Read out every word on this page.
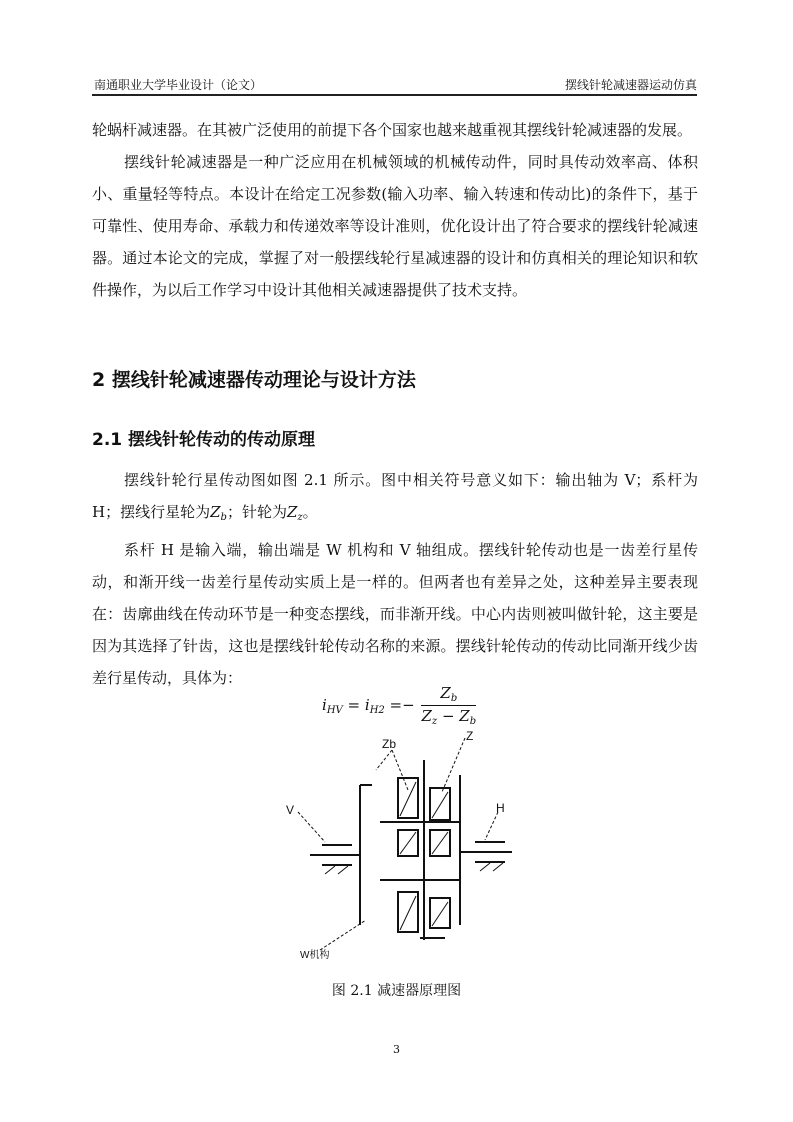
南通职业大学毕业设计（论文）	摆线针轮减速器运动仿真

轮蜗杆减速器。在其被广泛使用的前提下各个国家也越来越重视其摆线针轮减速器的发展。

摆线针轮减速器是一种广泛应用在机械领域的机械传动件，同时具传动效率高、体积小、重量轻等特点。本设计在给定工况参数(输入功率、输入转速和传动比)的条件下，基于可靠性、使用寿命、承载力和传递效率等设计准则，优化设计出了符合要求的摆线针轮减速器。通过本论文的完成，掌握了对一般摆线轮行星减速器的设计和仿真相关的理论知识和软件操作，为以后工作学习中设计其他相关减速器提供了技术支持。

2 摆线针轮减速器传动理论与设计方法
2.1 摆线针轮传动的传动原理

摆线针轮行星传动图如图 2.1 所示。图中相关符号意义如下：输出轴为 V；系杆为 H；摆线行星轮为$Z_b$；针轮为$Z_z$。

系杆 H 是输入端，输出端是 W 机构和 V 轴组成。摆线针轮传动也是一齿差行星传动，和渐开线一齿差行星传动实质上是一样的。但两者也有差异之处，这种差异主要表现在：齿廓曲线在传动环节是一种变态摆线，而非渐开线。中心内齿则被叫做针轮，这主要是因为其选择了针齿，这也是摆线针轮传动名称的来源。摆线针轮传动的传动比同渐开线少齿差行星传动，具体为：

$i_{HV} = i_{H2} =- \frac{Z_b}{Z_z - Z_b}$
Zb
Z
V	H
W机构
图 2.1 减速器原理图
3
